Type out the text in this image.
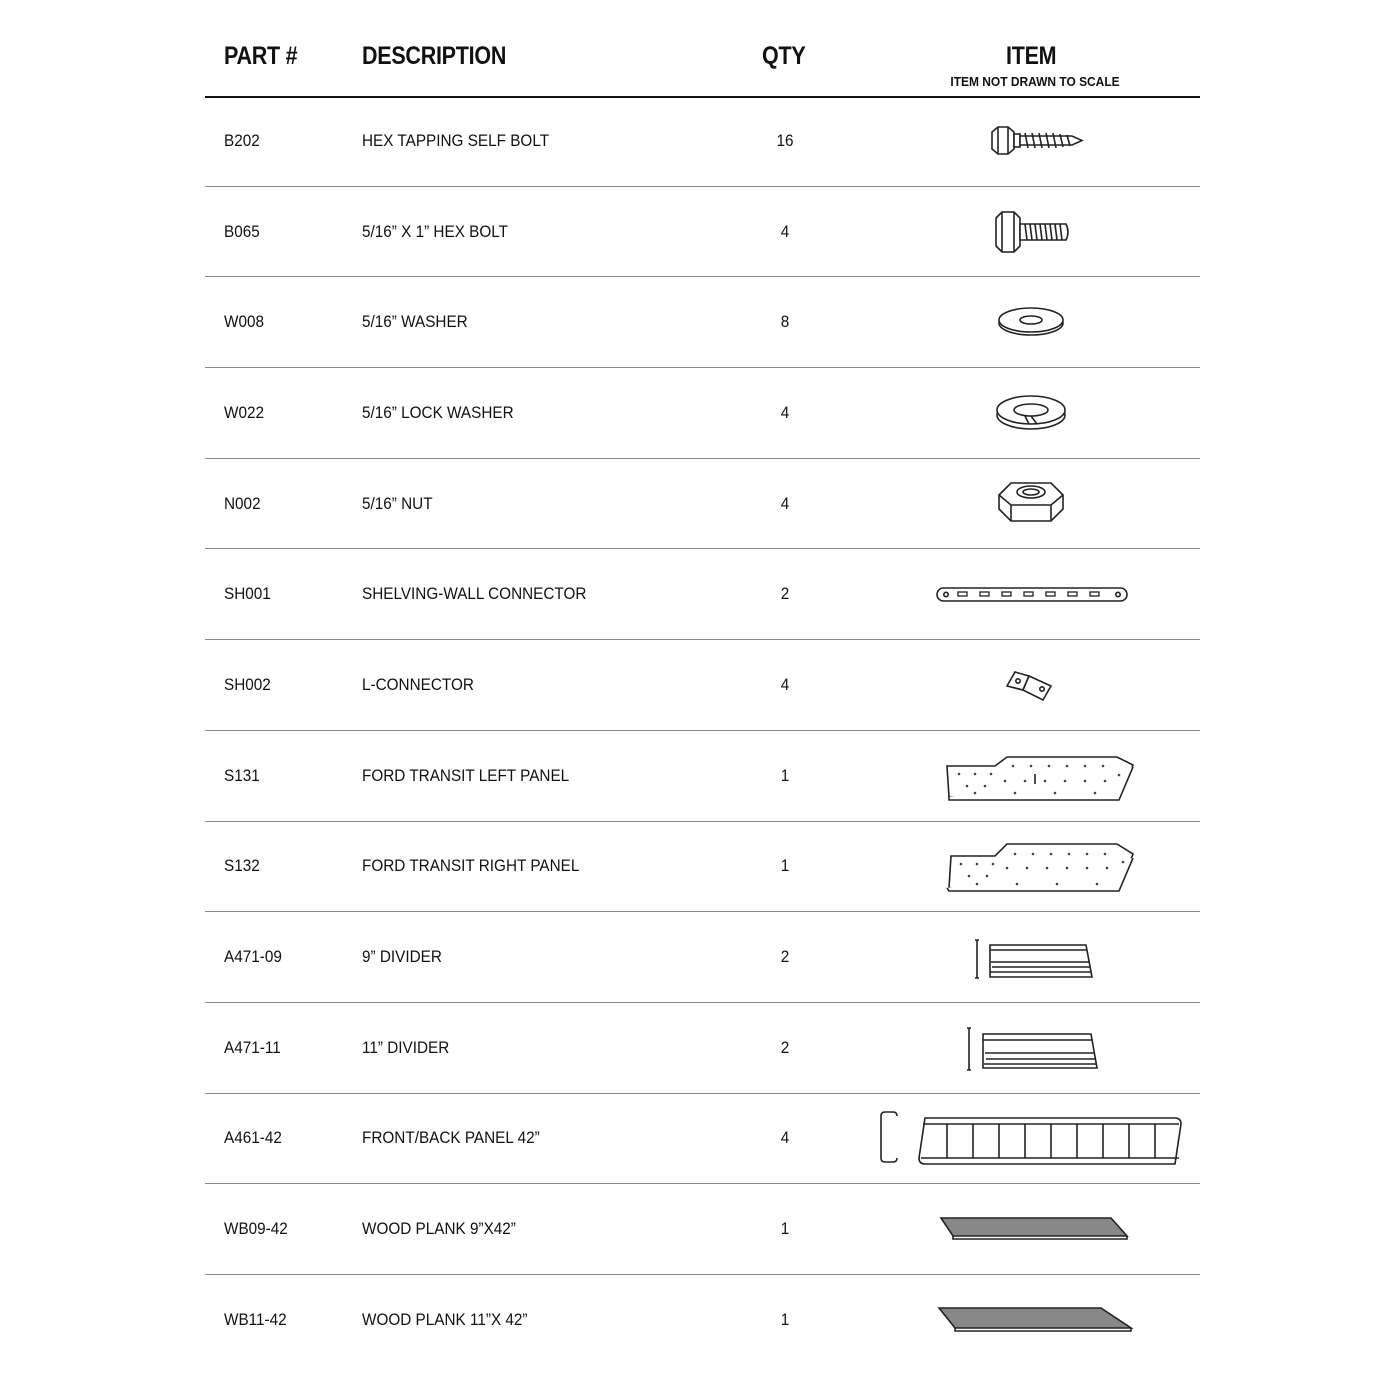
PART #	DESCRIPTION	QTY	ITEM
ITEM NOT DRAWN TO SCALE
B202	HEX TAPPING SELF BOLT	16
B065	5/16” X 1” HEX BOLT	4
W008	5/16” WASHER	8
W022	5/16” LOCK WASHER	4
N002	5/16” NUT	4
SH001	SHELVING-WALL CONNECTOR	2
SH002	L-CONNECTOR	4
S131	FORD TRANSIT LEFT PANEL	1
S132	FORD TRANSIT RIGHT PANEL	1
A471-09	9” DIVIDER	2
A471-11	11” DIVIDER	2
A461-42	FRONT/BACK PANEL 42”	4
WB09-42	WOOD PLANK 9”X42”	1
WB11-42	WOOD PLANK 11”X 42”	1
